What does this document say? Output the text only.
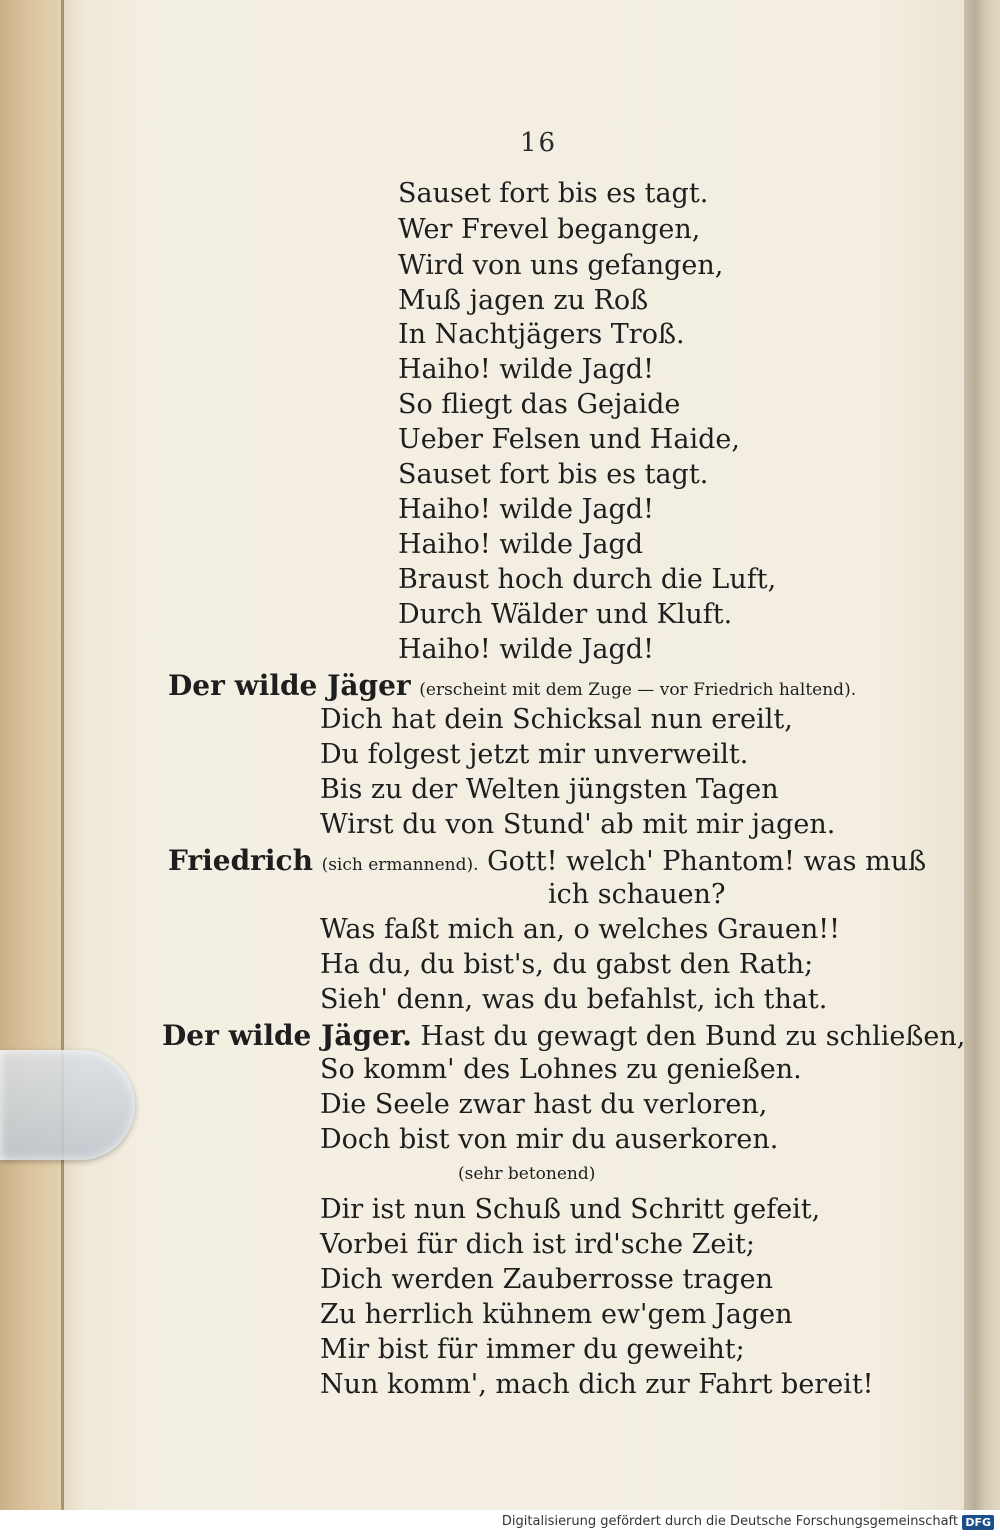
16
Sauset fort bis es tagt.
Wer Frevel begangen,
Wird von uns gefangen,
Muß jagen zu Roß
In Nachtjägers Troß.
Haiho! wilde Jagd!
So fliegt das Gejaide
Ueber Felsen und Haide,
Sauset fort bis es tagt.
Haiho! wilde Jagd!
Haiho! wilde Jagd
Braust hoch durch die Luft,
Durch Wälder und Kluft.
Haiho! wilde Jagd!
Der wilde Jäger (erscheint mit dem Zuge — vor Friedrich haltend).
Dich hat dein Schicksal nun ereilt,
Du folgest jetzt mir unverweilt.
Bis zu der Welten jüngsten Tagen
Wirst du von Stund' ab mit mir jagen.
Friedrich (sich ermannend). Gott! welch' Phantom! was muß
ich schauen?
Was faßt mich an, o welches Grauen!!
Ha du, du bist's, du gabst den Rath;
Sieh' denn, was du befahlst, ich that.
Der wilde Jäger. Hast du gewagt den Bund zu schließen,
So komm' des Lohnes zu genießen.
Die Seele zwar hast du verloren,
Doch bist von mir du auserkoren.
(sehr betonend)
Dir ist nun Schuß und Schritt gefeit,
Vorbei für dich ist ird'sche Zeit;
Dich werden Zauberrosse tragen
Zu herrlich kühnem ew'gem Jagen
Mir bist für immer du geweiht;
Nun komm', mach dich zur Fahrt bereit!
Digitalisierung gefördert durch die Deutsche Forschungsgemeinschaft DFG
